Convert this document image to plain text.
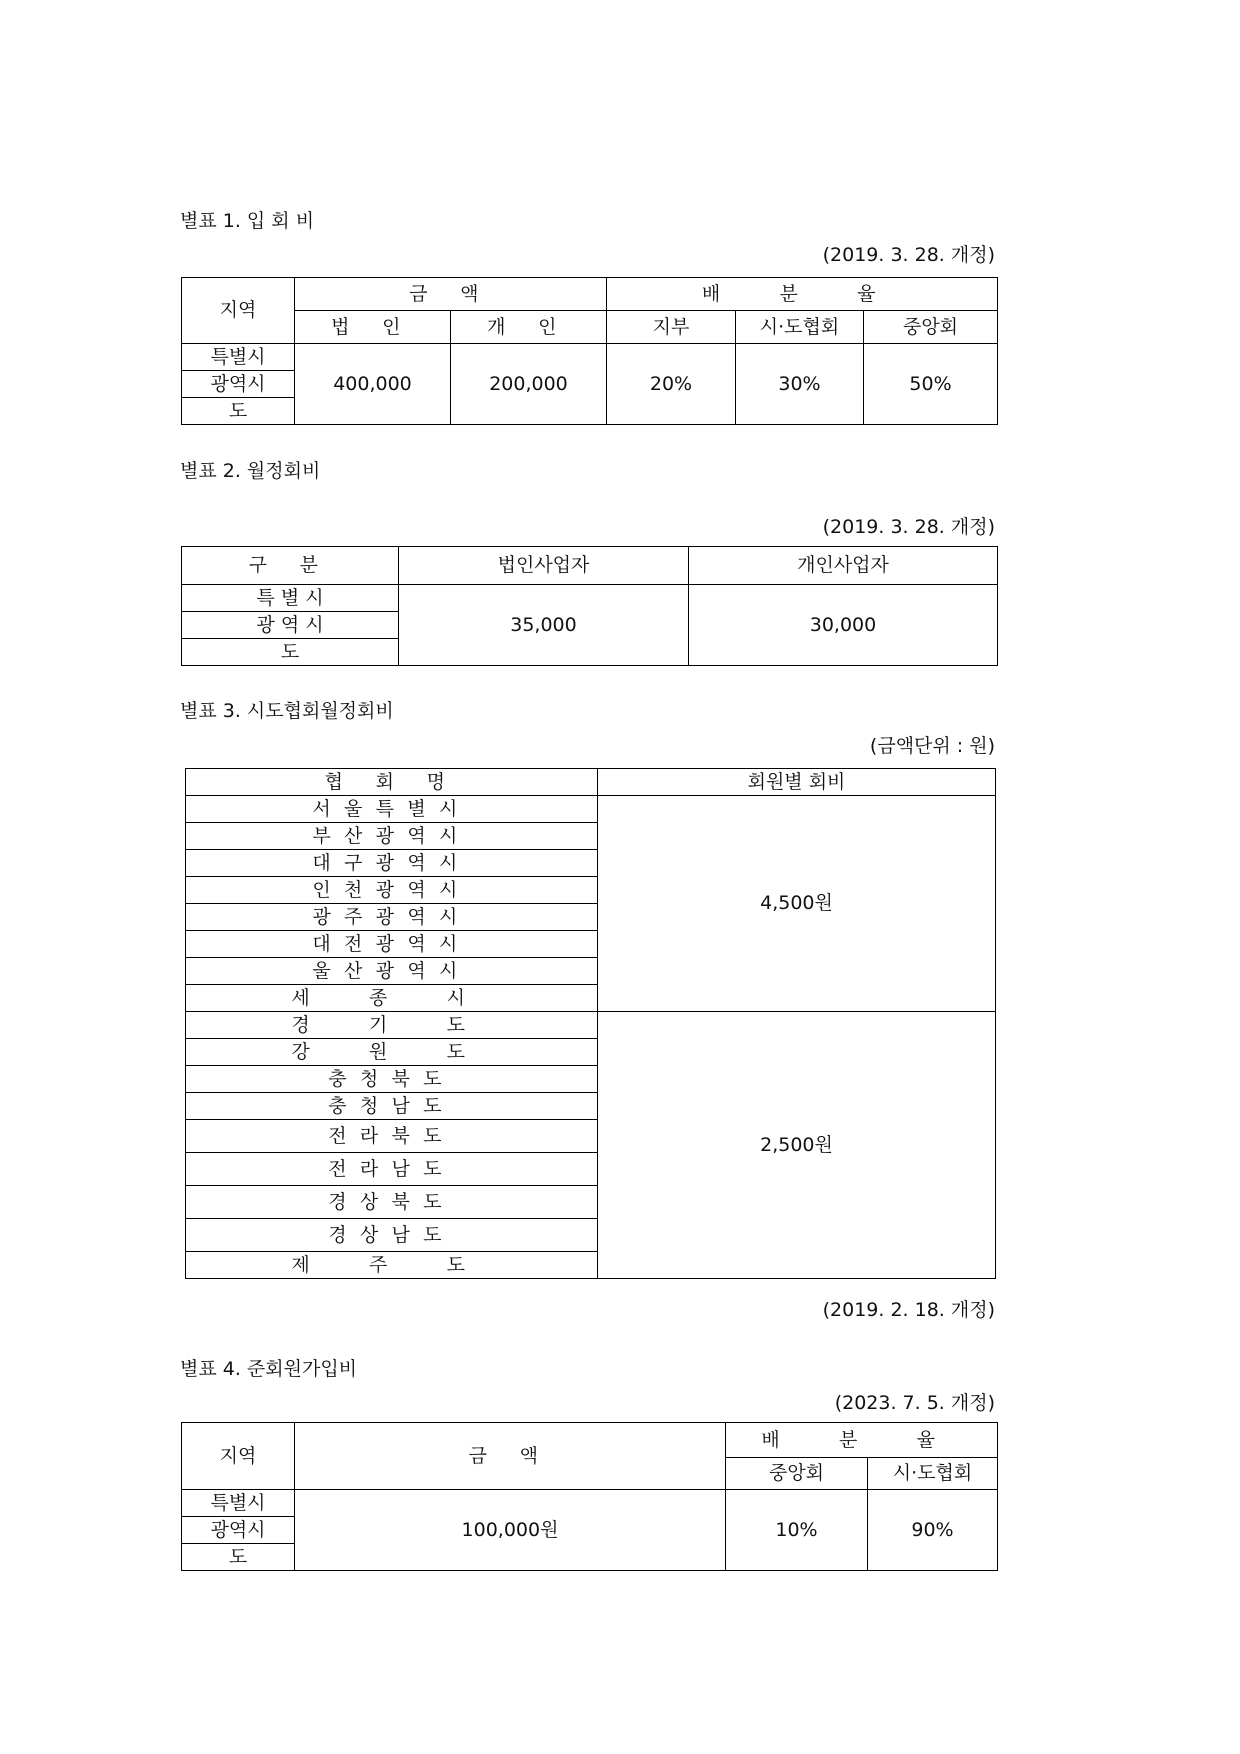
별표 1. 입 회 비
(2019. 3. 28. 개정)
지역	금 액		배 분 율		
	법 인	개 인	지부	시·도협회	중앙회
특별시	400,000	200,000	20%	30%	50%
광역시					
도					
별표 2. 월정회비
(2019. 3. 28. 개정)
구 분	법인사업자	개인사업자
특 별 시	35,000	30,000
광 역 시		
도		
별표 3. 시도협회월정회비
(금액단위 : 원)
협 회 명	회원별 회비
서울특별시	4,500원
부산광역시	
대구광역시	
인천광역시	
광주광역시	
대전광역시	
울산광역시	
세 종 시	
경 기 도	2,500원
강 원 도	
충청북도	
충청남도	
전라북도	
전라남도	
경상북도	
경상남도	
제 주 도	
(2019. 2. 18. 개정)
별표 4. 준회원가입비
(2023. 7. 5. 개정)
지역	금 액	배 분 율	
		중앙회	시·도협회
특별시	100,000원	10%	90%
광역시			
도			
